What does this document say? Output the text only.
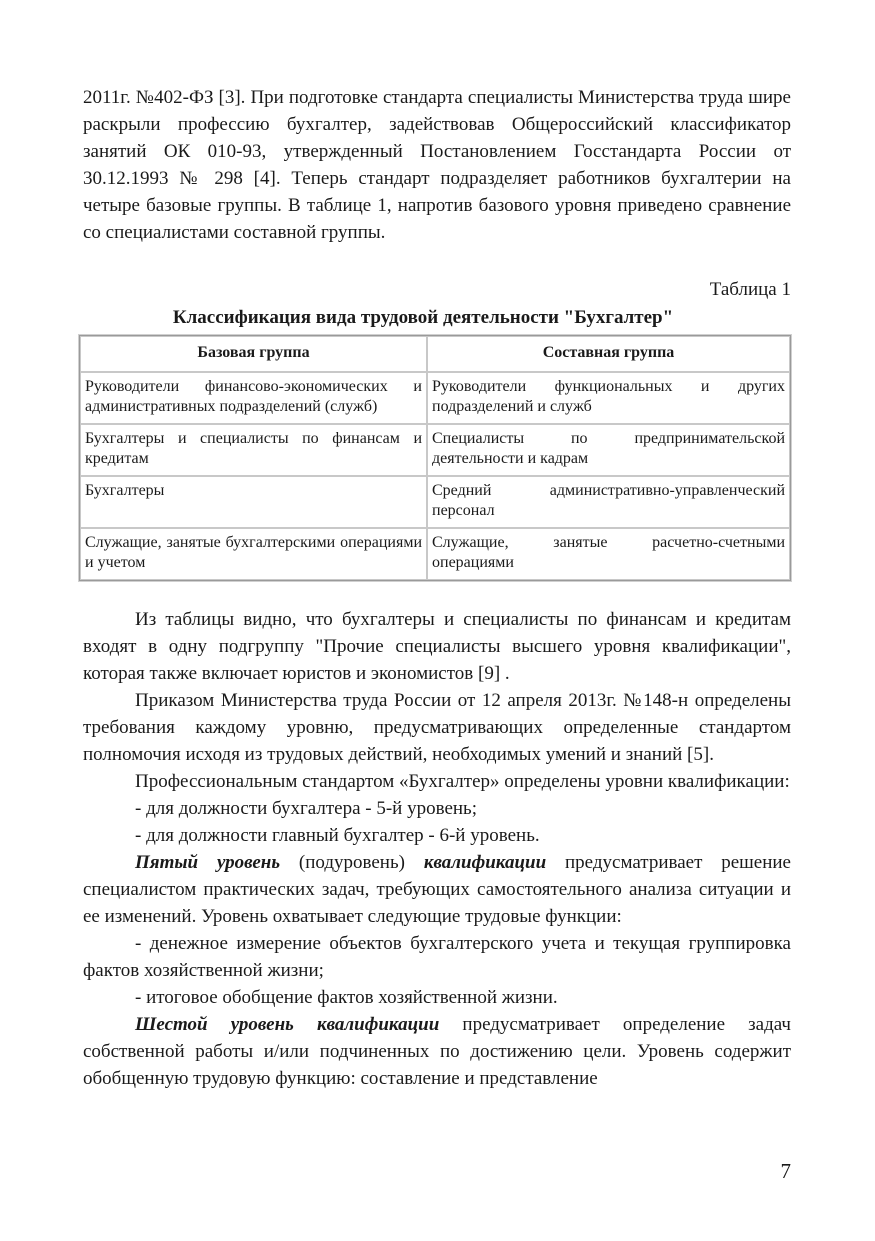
2011г. №402-ФЗ [3]. При подготовке стандарта специалисты Министерства труда шире раскрыли профессию бухгалтер, задействовав Общероссийский классификатор занятий ОК 010-93, утвержденный Постановлением Госстандарта России от 30.12.1993 № 298 [4]. Теперь стандарт подразделяет работников бухгалтерии на четыре базовые группы. В таблице 1, напротив базового уровня приведено сравнение со специалистами составной группы.

Таблица 1
Классификация вида трудовой деятельности "Бухгалтер"
Базовая группа	Составная группа
Руководители финансово-экономических и административных подразделений (служб)	Руководители функциональных и других подразделений и служб
Бухгалтеры и специалисты по финансам и кредитам	Специалисты по предпринимательской деятельности и кадрам
Бухгалтеры	Средний административно-управленческий персонал
Служащие, занятые бухгалтерскими операциями и учетом	Служащие, занятые расчетно-счетными операциями

Из таблицы видно, что бухгалтеры и специалисты по финансам и кредитам входят в одну подгруппу "Прочие специалисты высшего уровня квалификации", которая также включает юристов и экономистов [9] .

Приказом Министерства труда России от 12 апреля 2013г. №148-н определены требования каждому уровню, предусматривающих определенные стандартом полномочия исходя из трудовых действий, необходимых умений и знаний [5].

Профессиональным стандартом «Бухгалтер» определены уровни квалификации:

- для должности бухгалтера - 5-й уровень;

- для должности главный бухгалтер - 6-й уровень.

Пятый уровень (подуровень) квалификации предусматривает решение специалистом практических задач, требующих самостоятельного анализа ситуации и ее изменений. Уровень охватывает следующие трудовые функции:

- денежное измерение объектов бухгалтерского учета и текущая группировка фактов хозяйственной жизни;

- итоговое обобщение фактов хозяйственной жизни.

Шестой уровень квалификации предусматривает определение задач собственной работы и/или подчиненных по достижению цели. Уровень содержит обобщенную трудовую функцию: составление и представление

7
